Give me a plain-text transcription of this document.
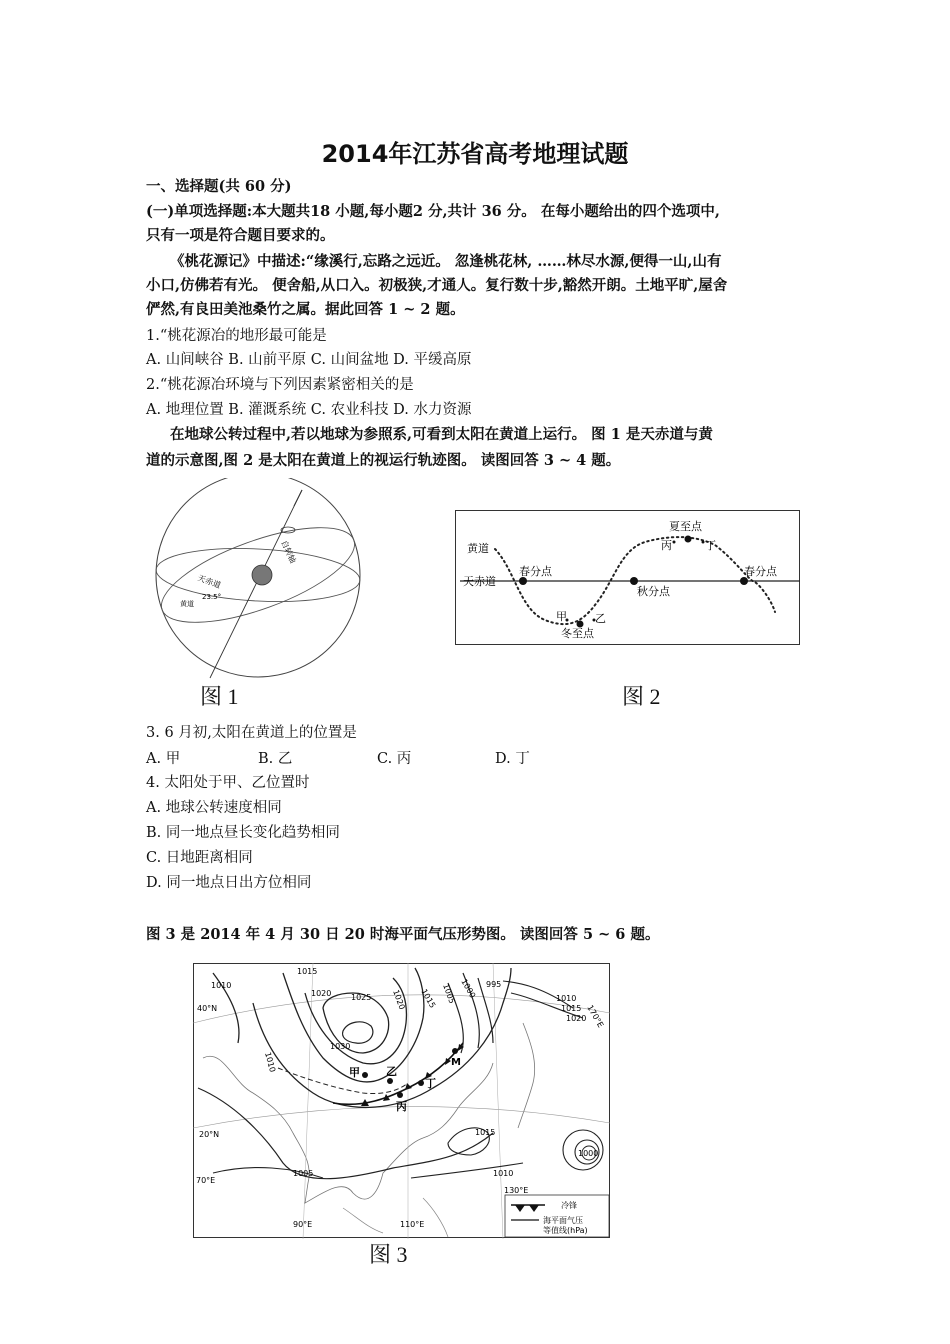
2014年江苏省高考地理试题
一、选择题(共 60 分)
(一)单项选择题:本大题共18 小题,每小题2 分,共计 36 分。 在每小题给出的四个选项中,
只有一项是符合题目要求的。
《桃花源记》中描述:“缘溪行,忘路之远近。 忽逢桃花林, ……林尽水源,便得一山,山有
小口,仿佛若有光。 便舍船,从口入。初极狭,才通人。复行数十步,豁然开朗。土地平旷,屋舍
俨然,有良田美池桑竹之属。据此回答 1 ~ 2 题。
1.“桃花源冶的地形最可能是
A. 山间峡谷 B. 山前平原 C. 山间盆地 D. 平缓高原
2.“桃花源冶环境与下列因素紧密相关的是
A. 地理位置 B. 灌溉系统 C. 农业科技 D. 水力资源
在地球公转过程中,若以地球为参照系,可看到太阳在黄道上运行。 图 1 是天赤道与黄
道的示意图,图 2 是太阳在黄道上的视运行轨迹图。 读图回答 3 ~ 4 题。
自转轴
天赤道
23.5°
黄道
图 1
黄道
天赤道
春分点
秋分点
春分点
夏至点
冬至点
甲	乙
丙	丁
图 2
3. 6 月初,太阳在黄道上的位置是
A. 甲	B. 乙	C. 丙	D. 丁
4. 太阳处于甲、乙位置时
A. 地球公转速度相同
B. 同一地点昼长变化趋势相同
C. 日地距离相同
D. 同一地点日出方位相同
图 3 是 2014 年 4 月 30 日 20 时海平面气压形势图。 读图回答 5 ~ 6 题。
甲 乙
丙
丁
M
1010
1015
1020 1025
1030
1020 1015 1005 1000 995
1010
1015
1020
1010
1015
1010
1005
1000
40°N
20°N
70°E
90°E	110°E
130°E
170°E
冷锋
海平面气压
等值线(hPa)
图 3
